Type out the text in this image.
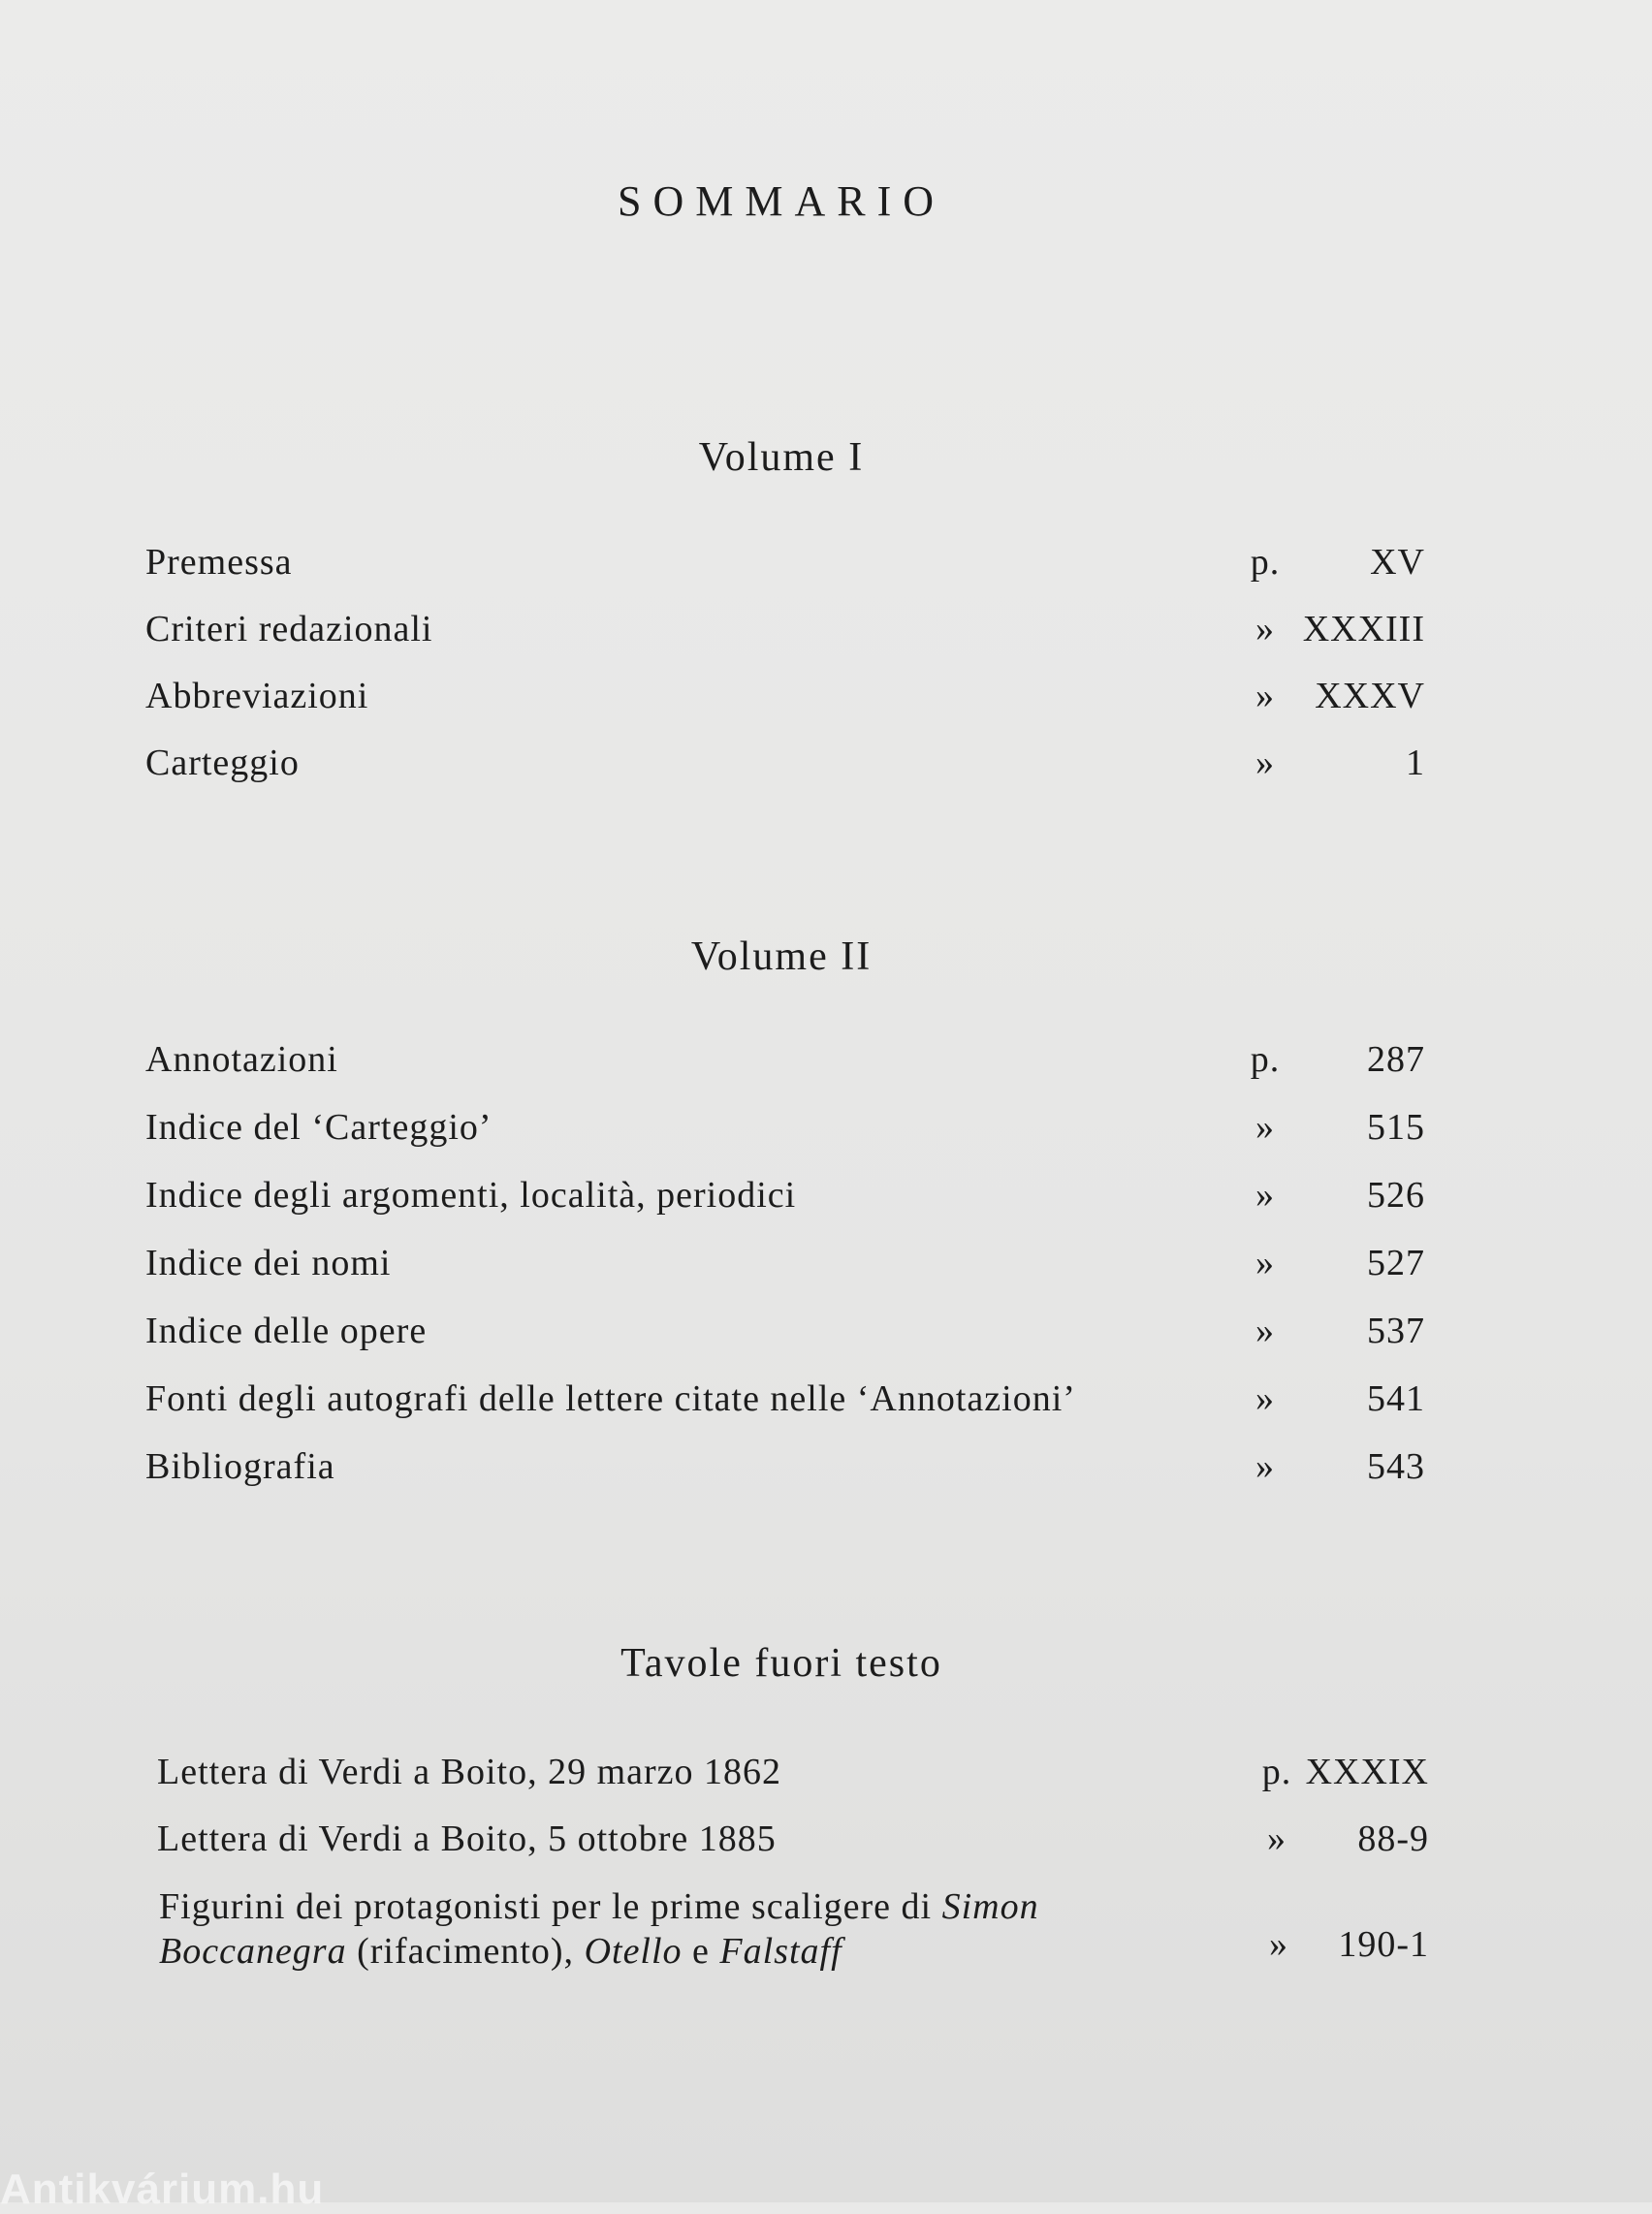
SOMMARIO
Volume I
Premessa	p.	XV
Criteri redazionali	» XXXIII
Abbreviazioni	»	XXXV
Carteggio	»	1
Volume II
Annotazioni	p.	287
Indice del ‘Carteggio’	»	515
Indice degli argomenti, località, periodici	»	526
Indice dei nomi	»	527
Indice delle opere	»	537
Fonti degli autografi delle lettere citate nelle ‘Annotazioni’	»	541
Bibliografia	»	543
Tavole fuori testo
Lettera di Verdi a Boito, 29 marzo 1862	p. XXXIX
Lettera di Verdi a Boito, 5 ottobre 1885	»	88-9
Figurini dei protagonisti per le prime scaligere di Simon Boccanegra (rifacimento), Otello e Falstaff	»	190-1
Antikvárium.hu
